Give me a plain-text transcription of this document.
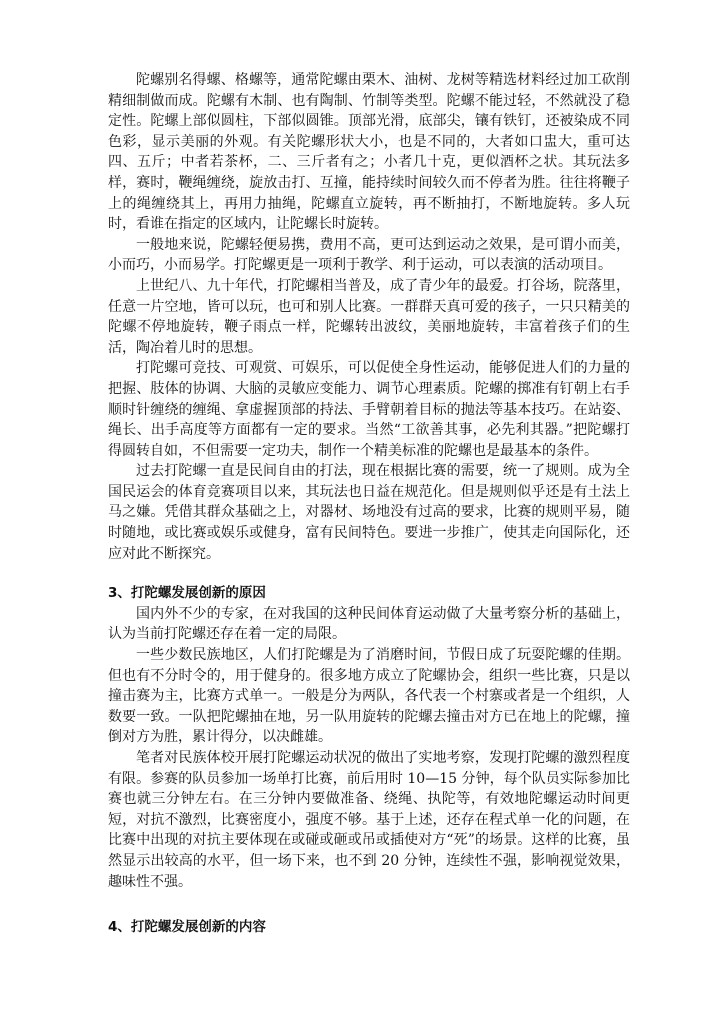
陀螺别名得螺、格螺等，通常陀螺由栗木、油树、龙树等精选材料经过加工砍削精细制做而成。陀螺有木制、也有陶制、竹制等类型。陀螺不能过轻，不然就没了稳定性。陀螺上部似圆柱，下部似圆锥。顶部光滑，底部尖，镶有铁钉，还被染成不同色彩，显示美丽的外观。有关陀螺形状大小，也是不同的，大者如口盅大，重可达四、五斤；中者若茶杯，二、三斤者有之；小者几十克，更似酒杯之状。其玩法多样，赛时，鞭绳缠绕，旋放击打、互撞，能持续时间较久而不停者为胜。往往将鞭子上的绳缠绕其上，再用力抽绳，陀螺直立旋转，再不断抽打，不断地旋转。多人玩时，看谁在指定的区域内，让陀螺长时旋转。

一般地来说，陀螺轻便易携，费用不高，更可达到运动之效果，是可谓小而美，小而巧，小而易学。打陀螺更是一项利于教学、利于运动，可以表演的活动项目。

上世纪八、九十年代，打陀螺相当普及，成了青少年的最爱。打谷场，院落里，任意一片空地，皆可以玩，也可和别人比赛。一群群天真可爱的孩子，一只只精美的陀螺不停地旋转，鞭子雨点一样，陀螺转出波纹，美丽地旋转，丰富着孩子们的生活，陶冶着儿时的思想。

打陀螺可竞技、可观赏、可娱乐，可以促使全身性运动，能够促进人们的力量的把握、肢体的协调、大脑的灵敏应变能力、调节心理素质。陀螺的掷准有钉朝上右手顺时针缠绕的缠绳、拿虚握顶部的持法、手臂朝着目标的抛法等基本技巧。在站姿、绳长、出手高度等方面都有一定的要求。当然“工欲善其事，必先利其器。”把陀螺打得圆转自如，不但需要一定功夫，制作一个精美标准的陀螺也是最基本的条件。

过去打陀螺一直是民间自由的打法，现在根据比赛的需要，统一了规则。成为全国民运会的体育竞赛项目以来，其玩法也日益在规范化。但是规则似乎还是有土法上马之嫌。凭借其群众基础之上，对器材、场地没有过高的要求，比赛的规则平易，随时随地，或比赛或娱乐或健身，富有民间特色。要进一步推广，使其走向国际化，还应对此不断探究。

3、打陀螺发展创新的原因

国内外不少的专家，在对我国的这种民间体育运动做了大量考察分析的基础上，认为当前打陀螺还存在着一定的局限。

一些少数民族地区，人们打陀螺是为了消磨时间，节假日成了玩耍陀螺的佳期。但也有不分时令的，用于健身的。很多地方成立了陀螺协会，组织一些比赛，只是以撞击赛为主，比赛方式单一。一般是分为两队，各代表一个村寨或者是一个组织，人数要一致。一队把陀螺抽在地，另一队用旋转的陀螺去撞击对方已在地上的陀螺，撞倒对方为胜，累计得分，以决雌雄。

笔者对民族体校开展打陀螺运动状况的做出了实地考察，发现打陀螺的激烈程度有限。参赛的队员参加一场单打比赛，前后用时 10—15 分钟，每个队员实际参加比赛也就三分钟左右。在三分钟内要做准备、绕绳、执陀等，有效地陀螺运动时间更短，对抗不激烈，比赛密度小，强度不够。基于上述，还存在程式单一化的问题，在比赛中出现的对抗主要体现在或碰或砸或吊或插使对方“死”的场景。这样的比赛，虽然显示出较高的水平，但一场下来，也不到 20 分钟，连续性不强，影响视觉效果，趣味性不强。

4、打陀螺发展创新的内容
